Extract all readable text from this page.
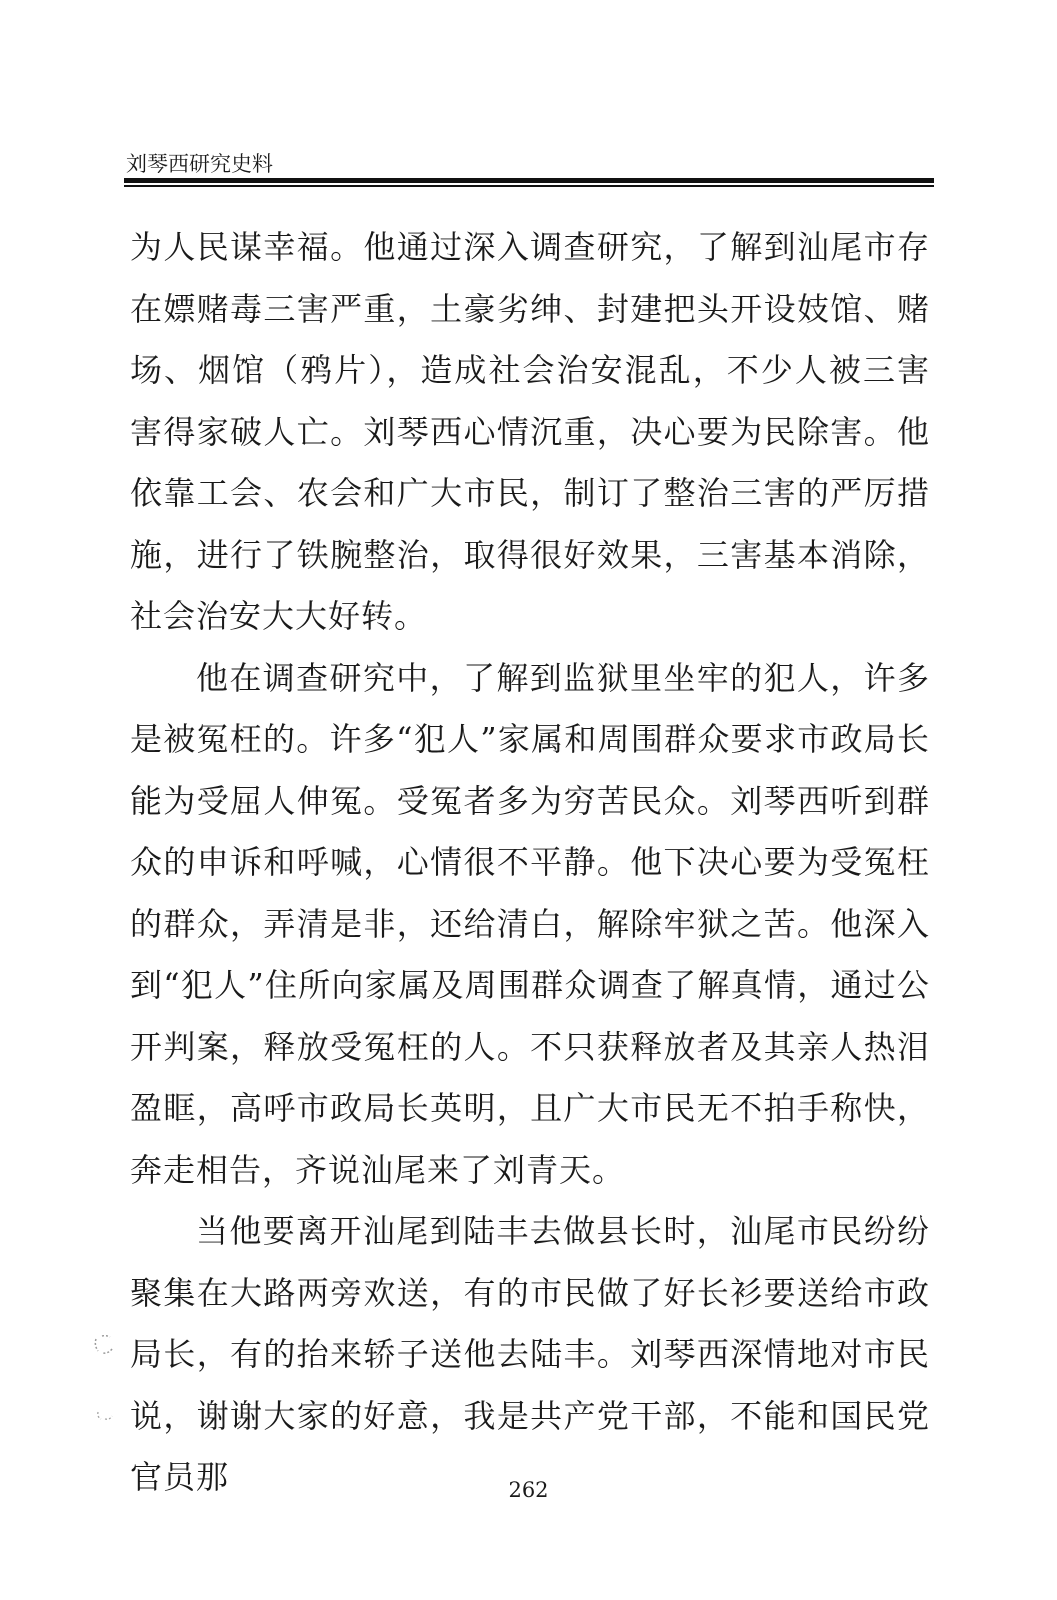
刘琴西研究史料

为人民谋幸福。他通过深入调查研究，了解到汕尾市存在嫖赌毒三害严重，土豪劣绅、封建把头开设妓馆、赌场、烟馆（鸦片），造成社会治安混乱，不少人被三害害得家破人亡。刘琴西心情沉重，决心要为民除害。他依靠工会、农会和广大市民，制订了整治三害的严厉措施，进行了铁腕整治，取得很好效果，三害基本消除，社会治安大大好转。

他在调查研究中，了解到监狱里坐牢的犯人，许多是被冤枉的。许多“犯人”家属和周围群众要求市政局长能为受屈人伸冤。受冤者多为穷苦民众。刘琴西听到群众的申诉和呼喊，心情很不平静。他下决心要为受冤枉的群众，弄清是非，还给清白，解除牢狱之苦。他深入到“犯人”住所向家属及周围群众调查了解真情，通过公开判案，释放受冤枉的人。不只获释放者及其亲人热泪盈眶，高呼市政局长英明，且广大市民无不拍手称快，奔走相告，齐说汕尾来了刘青天。

当他要离开汕尾到陆丰去做县长时，汕尾市民纷纷聚集在大路两旁欢送，有的市民做了好长衫要送给市政局长，有的抬来轿子送他去陆丰。刘琴西深情地对市民说，谢谢大家的好意，我是共产党干部，不能和国民党官员那	262
